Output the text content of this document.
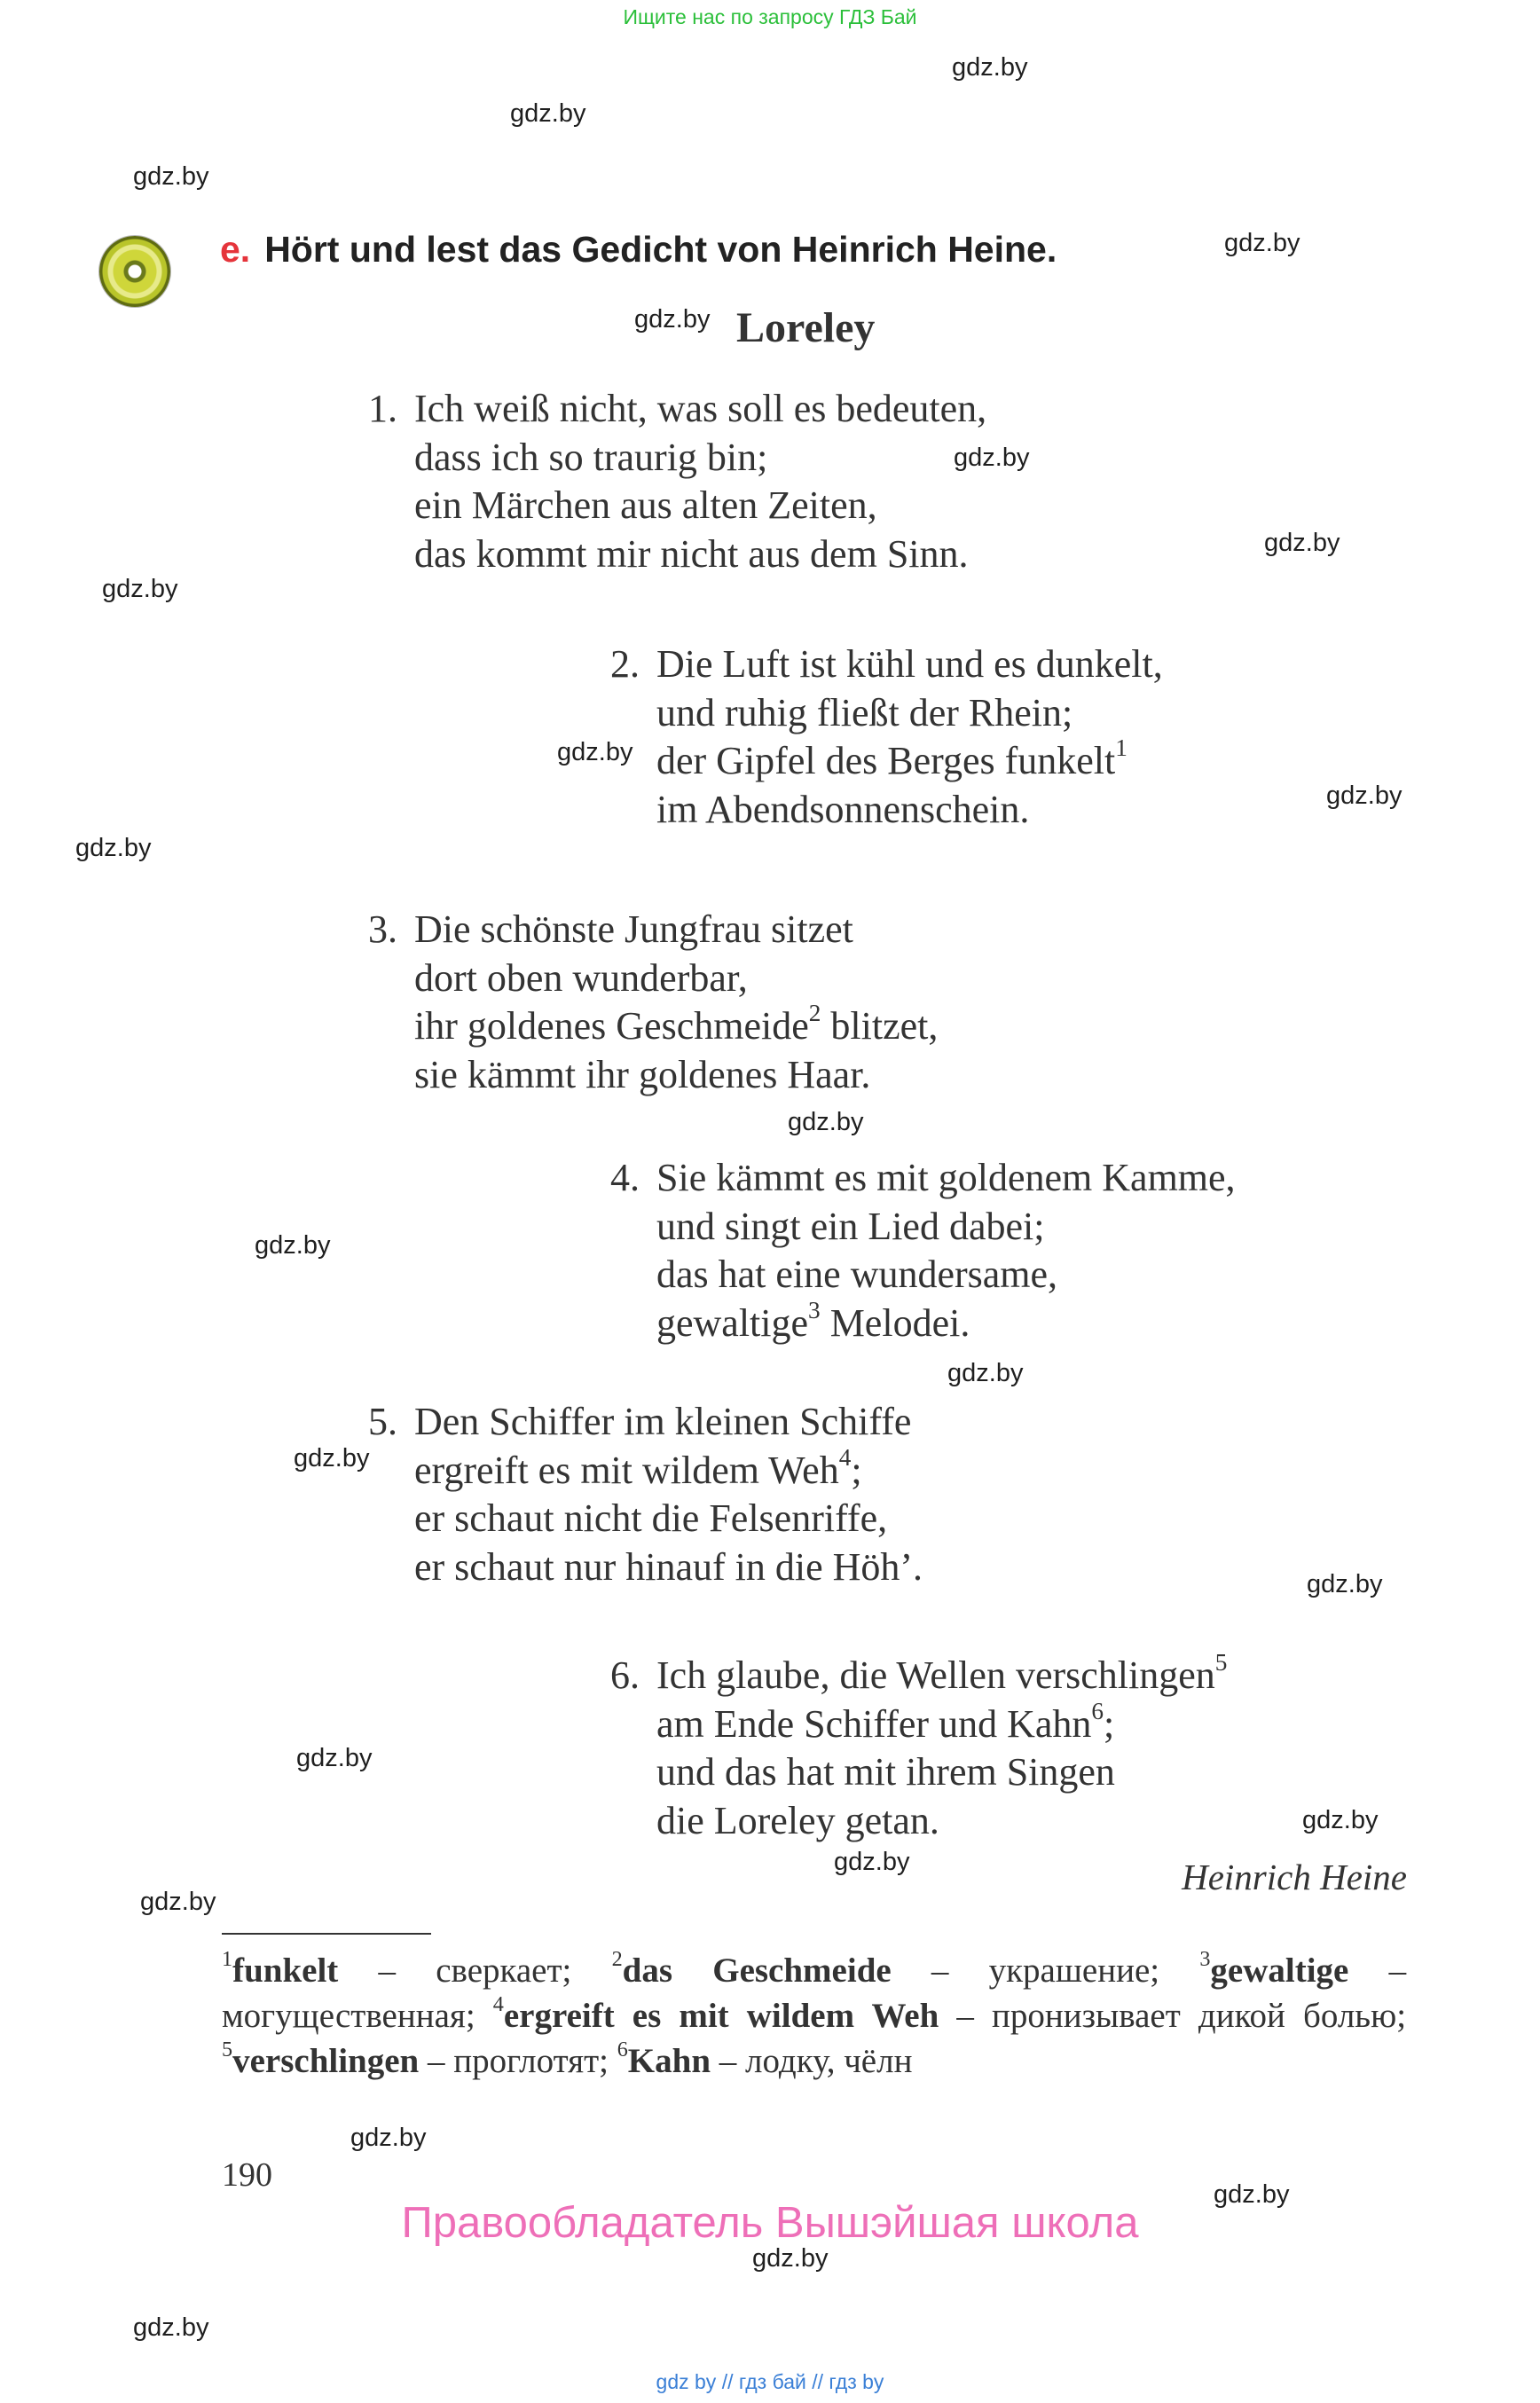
Ищите нас по запросу ГДЗ Бай
gdz.by
gdz.by
gdz.by
gdz.by
gdz.by
gdz.by
gdz.by
gdz.by
gdz.by
gdz.by
gdz.by
gdz.by
gdz.by
gdz.by
gdz.by
gdz.by
gdz.by
gdz.by
gdz.by
gdz.by
gdz.by
gdz.by
gdz.by
gdz.by
e. Hört und lest das Gedicht von Heinrich Heine.
Loreley
1. Ich weiß nicht, was soll es bedeuten,
dass ich so traurig bin;
ein Märchen aus alten Zeiten,
das kommt mir nicht aus dem Sinn.
2. Die Luft ist kühl und es dunkelt,
und ruhig fließt der Rhein;
der Gipfel des Berges funkelt$^1$
im Abendsonnenschein.
3. Die schönste Jungfrau sitzet
dort oben wunderbar,
ihr goldenes Geschmeide$^2$ blitzet,
sie kämmt ihr goldenes Haar.
4. Sie kämmt es mit goldenem Kamme,
und singt ein Lied dabei;
das hat eine wundersame,
gewaltige$^3$ Melodei.
5. Den Schiffer im kleinen Schiffe
ergreift es mit wildem Weh$^4$;
er schaut nicht die Felsenriffe,
er schaut nur hinauf in die Höh’.
6. Ich glaube, die Wellen verschlingen$^5$
am Ende Schiffer und Kahn$^6$;
und das hat mit ihrem Singen
die Loreley getan.
Heinrich Heine
$^1$funkelt – сверкает; $^2$das Geschmeide – украшение; $^3$gewaltige – могущественная; $^4$ergreift es mit wildem Weh – пронизывает дикой болью; $^5$verschlingen – проглотят; $^6$Kahn – лодку, чёлн
190
Правообладатель Вышэйшая школа
gdz by // гдз бай // гдз by
